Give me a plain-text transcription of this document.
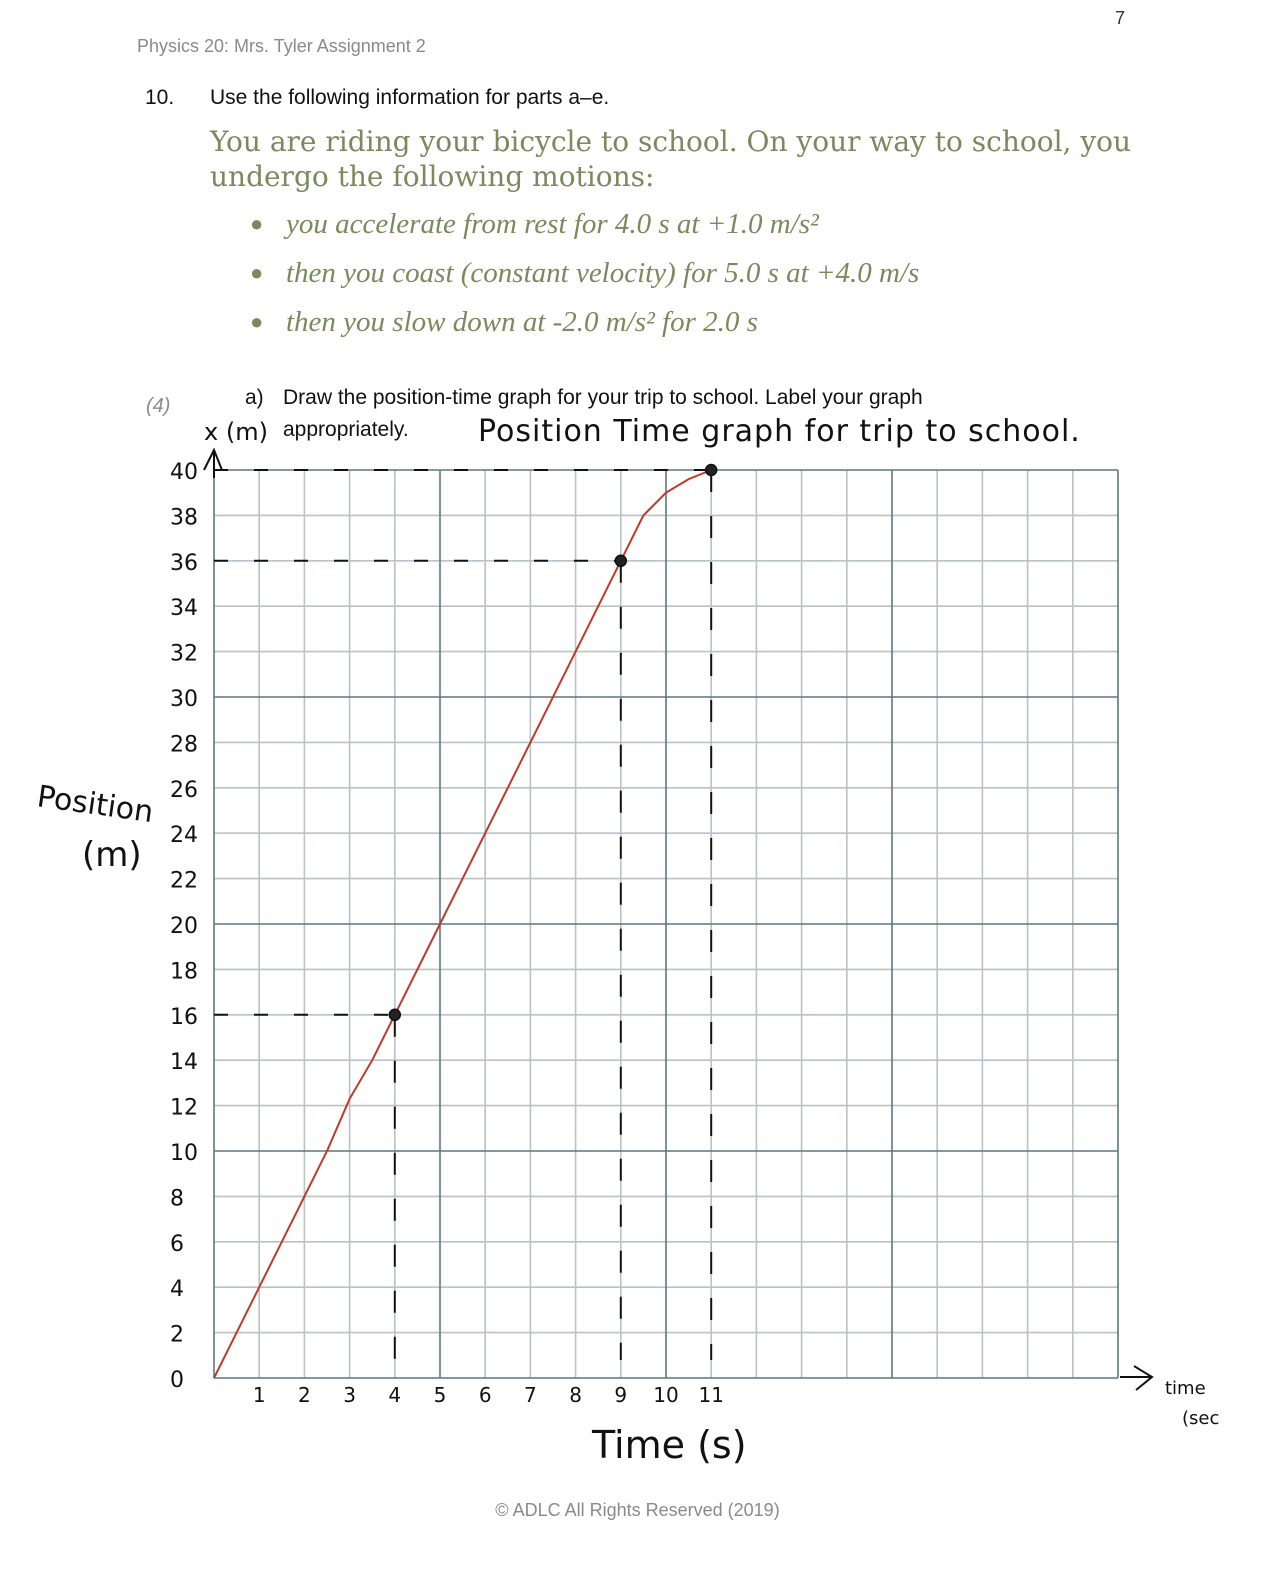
7
Physics 20: Mrs. Tyler Assignment 2
10. Use the following information for parts a–e.
You are riding your bicycle to school. On your way to school, you undergo the following motions:
● you accelerate from rest for 4.0 s at +1.0 m/s²
● then you coast (constant velocity) for 5.0 s at +4.0 m/s
● then you slow down at -2.0 m/s² for 2.0 s
(4)	a) Draw the position-time graph for your trip to school. Label your graph
appropriately.	Position Time graph for trip to school.
0
2
4
6
8
10
12
14
16
18
20
22
24
26
28
30
32
34
36
38
40
1 2 3 4 5 6 7 8 9 10 11
x (m)
Position
(m)
Time (s)
time
(sec
© ADLC All Rights Reserved (2019)
